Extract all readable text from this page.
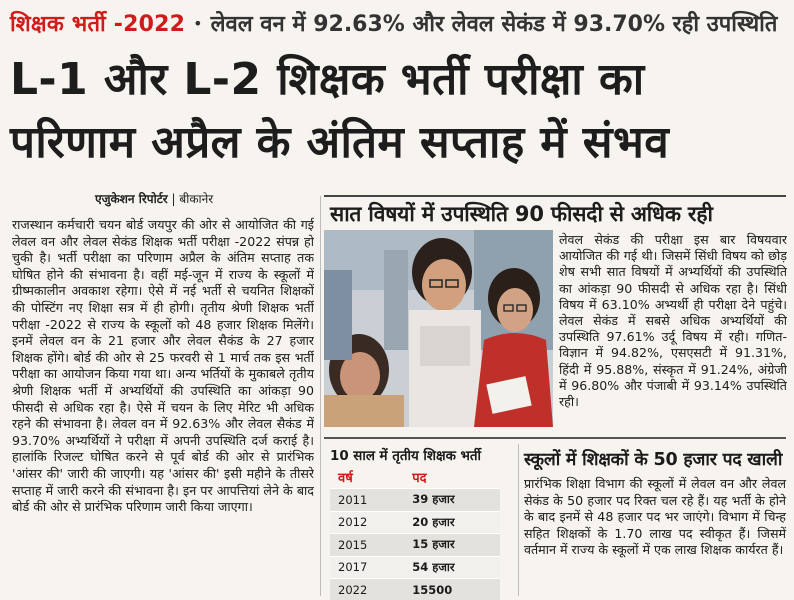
शिक्षक भर्ती -2022 • लेवल वन में 92.63% और लेवल सेकंड में 93.70% रही उपस्थिति
L-1 और L-2 शिक्षक भर्ती परीक्षा का
परिणाम अप्रैल के अंतिम सप्ताह में संभव
एजुकेशन रिपोर्टर | बीकानेर
राजस्थान कर्मचारी चयन बोर्ड जयपुर की ओर से आयोजित की गई लेवल वन और लेवल सेकंड शिक्षक भर्ती परीक्षा -2022 संपन्न हो चुकी है। भर्ती परीक्षा का परिणाम अप्रैल के अंतिम सप्ताह तक घोषित होने की संभावना है। वहीं मई-जून में राज्य के स्कूलों में ग्रीष्मकालीन अवकाश रहेगा। ऐसे में नई भर्ती से चयनित शिक्षकों की पोस्टिंग नए शिक्षा सत्र में ही होगी। तृतीय श्रेणी शिक्षक भर्ती परीक्षा -2022 से राज्य के स्कूलों को 48 हजार शिक्षक मिलेंगे। इनमें लेवल वन के 21 हजार और लेवल सैकंड के 27 हजार शिक्षक होंगे। बोर्ड की ओर से 25 फरवरी से 1 मार्च तक इस भर्ती परीक्षा का आयोजन किया गया था। अन्य भर्तियों के मुकाबले तृतीय श्रेणी शिक्षक भर्ती में अभ्यर्थियों की उपस्थिति का आंकड़ा 90 फीसदी से अधिक रहा है। ऐसे में चयन के लिए मेरिट भी अधिक रहने की संभावना है। लेवल वन में 92.63% और लेवल सैकंड में 93.70% अभ्यर्थियों ने परीक्षा में अपनी उपस्थिति दर्ज कराई है। हालांकि रिजल्ट घोषित करने से पूर्व बोर्ड की ओर से प्रारंभिक 'आंसर की' जारी की जाएगी। यह 'आंसर की' इसी महीने के तीसरे सप्ताह में जारी करने की संभावना है। इन पर आपत्तियां लेने के बाद बोर्ड की ओर से प्रारंभिक परिणाम जारी किया जाएगा।
सात विषयों में उपस्थिति 90 फीसदी से अधिक रही
लेवल सेकंड की परीक्षा इस बार विषयवार आयोजित की गई थी। जिसमें सिंधी विषय को छोड़ शेष सभी सात विषयों में अभ्यर्थियों की उपस्थिति का आंकड़ा 90 फीसदी से अधिक रहा है। सिंधी विषय में 63.10% अभ्यर्थी ही परीक्षा देने पहुंचे। लेवल सेकंड में सबसे अधिक अभ्यर्थियों की उपस्थिति 97.61% उर्दू विषय में रही। गणित-विज्ञान में 94.82%, एसएसटी में 91.31%, हिंदी में 95.88%, संस्कृत में 91.24%, अंग्रेजी में 96.80% और पंजाबी में 93.14% उपस्थिति रही।
10 साल में तृतीय शिक्षक भर्ती
वर्ष	पद
2011	39 हजार
2012	20 हजार
2015	15 हजार
2017	54 हजार
2022	15500
स्कूलों में शिक्षकों के 50 हजार पद खाली
प्रारंभिक शिक्षा विभाग की स्कूलों में लेवल वन और लेवल सेकंड के 50 हजार पद रिक्त चल रहे हैं। यह भर्ती के होने के बाद इनमें से 48 हजार पद भर जाएंगे। विभाग में चिन्ह सहित शिक्षकों के 1.70 लाख पद स्वीकृत हैं। जिसमें वर्तमान में राज्य के स्कूलों में एक लाख शिक्षक कार्यरत हैं।
